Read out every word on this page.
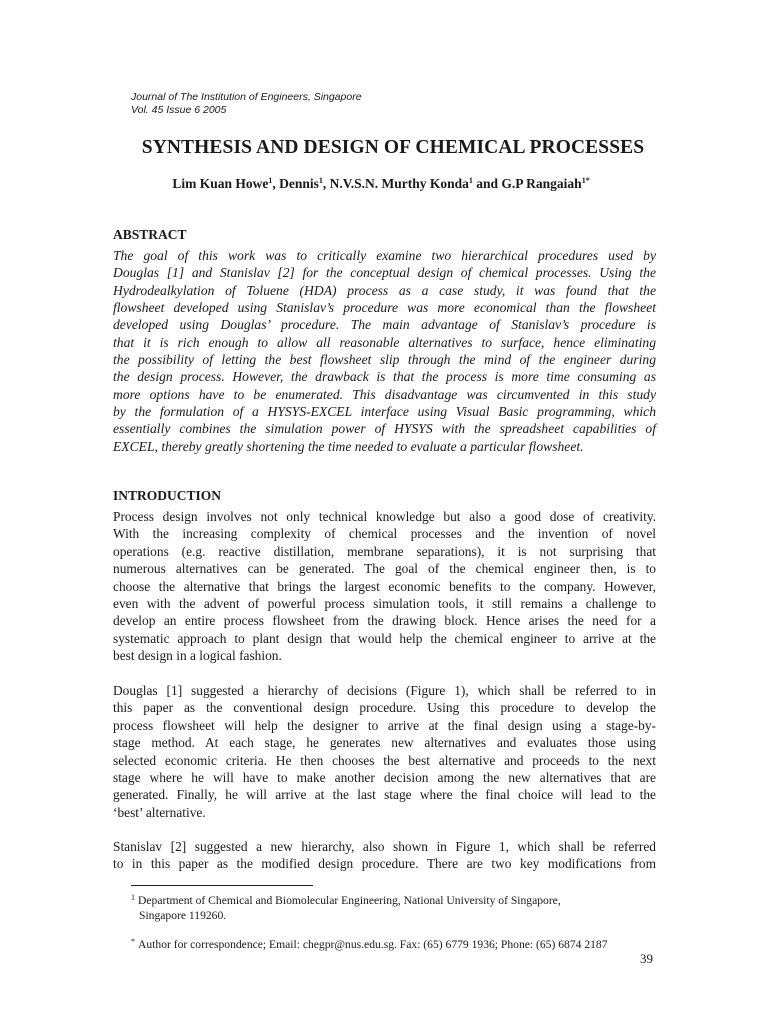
Journal of The Institution of Engineers, Singapore
Vol. 45 Issue 6 2005
SYNTHESIS AND DESIGN OF CHEMICAL PROCESSES
Lim Kuan Howe$^1$, Dennis$^1$, N.V.S.N. Murthy Konda$^1$ and G.P Rangaiah$^{1*}$
ABSTRACT
The goal of this work was to critically examine two hierarchical procedures used by
Douglas [1] and Stanislav [2] for the conceptual design of chemical processes. Using the
Hydrodealkylation of Toluene (HDA) process as a case study, it was found that the
flowsheet developed using Stanislav’s procedure was more economical than the flowsheet
developed using Douglas’ procedure. The main advantage of Stanislav’s procedure is
that it is rich enough to allow all reasonable alternatives to surface, hence eliminating
the possibility of letting the best flowsheet slip through the mind of the engineer during
the design process. However, the drawback is that the process is more time consuming as
more options have to be enumerated. This disadvantage was circumvented in this study
by the formulation of a HYSYS-EXCEL interface using Visual Basic programming, which
essentially combines the simulation power of HYSYS with the spreadsheet capabilities of
EXCEL, thereby greatly shortening the time needed to evaluate a particular flowsheet.
INTRODUCTION
Process design involves not only technical knowledge but also a good dose of creativity.
With the increasing complexity of chemical processes and the invention of novel
operations (e.g. reactive distillation, membrane separations), it is not surprising that
numerous alternatives can be generated. The goal of the chemical engineer then, is to
choose the alternative that brings the largest economic benefits to the company. However,
even with the advent of powerful process simulation tools, it still remains a challenge to
develop an entire process flowsheet from the drawing block. Hence arises the need for a
systematic approach to plant design that would help the chemical engineer to arrive at the
best design in a logical fashion.
Douglas [1] suggested a hierarchy of decisions (Figure 1), which shall be referred to in
this paper as the conventional design procedure. Using this procedure to develop the
process flowsheet will help the designer to arrive at the final design using a stage-by-
stage method. At each stage, he generates new alternatives and evaluates those using
selected economic criteria. He then chooses the best alternative and proceeds to the next
stage where he will have to make another decision among the new alternatives that are
generated. Finally, he will arrive at the last stage where the final choice will lead to the
‘best’ alternative.
Stanislav [2] suggested a new hierarchy, also shown in Figure 1, which shall be referred
to in this paper as the modified design procedure. There are two key modifications from
$^1$ Department of Chemical and Biomolecular Engineering, National University of Singapore,
Singapore 119260.
* Author for correspondence; Email: chegpr@nus.edu.sg. Fax: (65) 6779 1936; Phone: (65) 6874 2187
39
